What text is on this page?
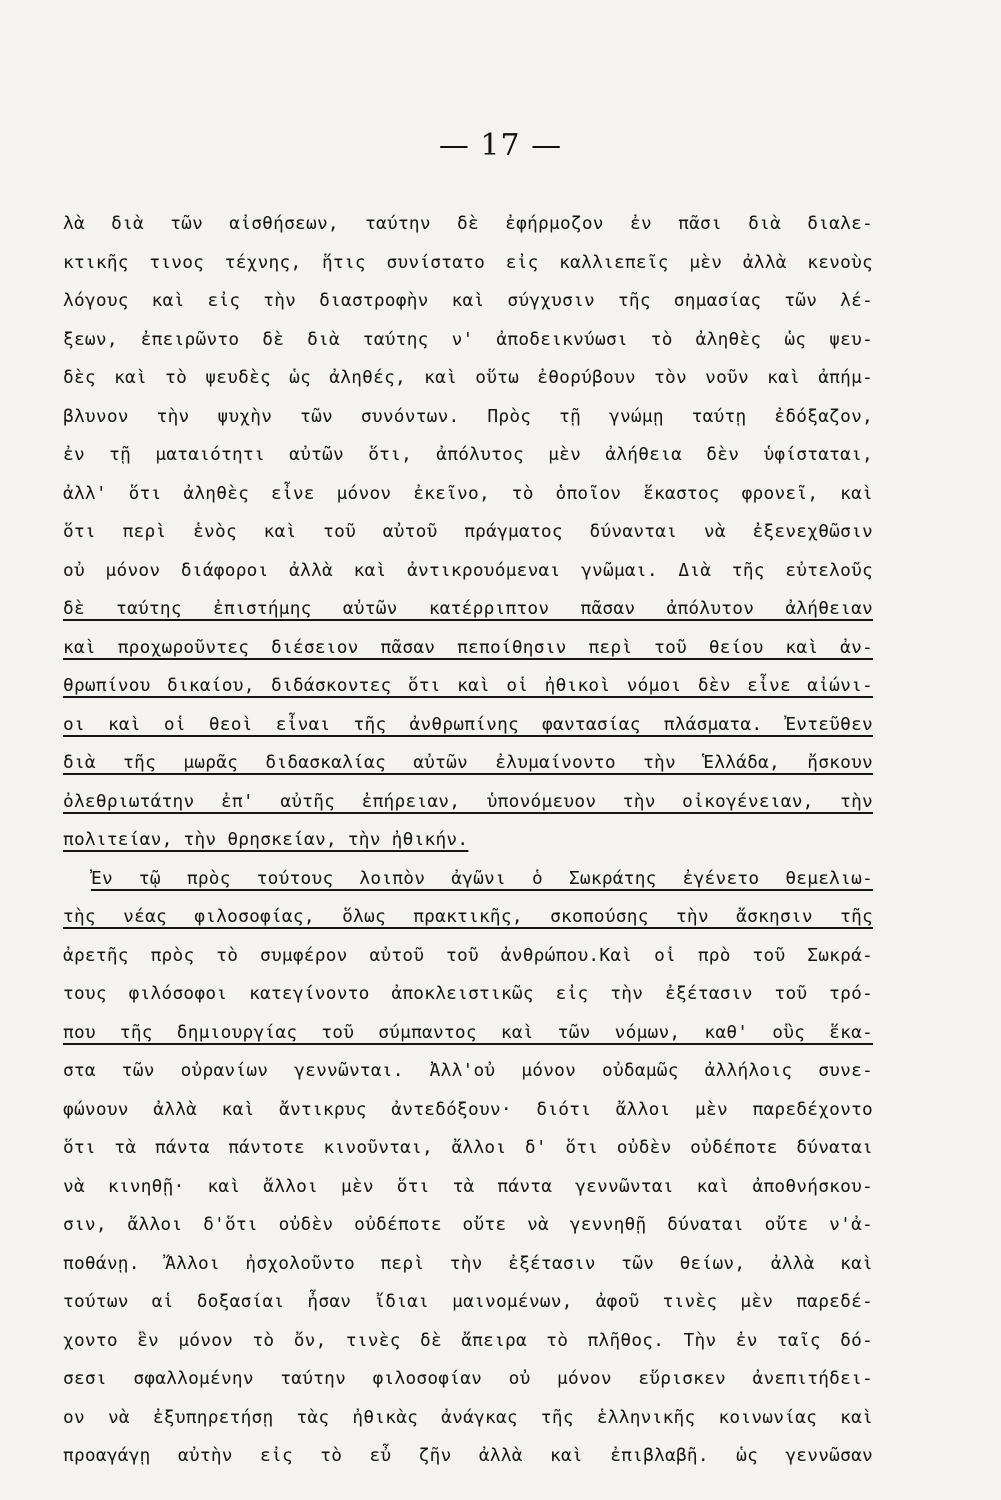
— 17 —
λὰ διὰ τῶν αἰσθήσεων, ταύτην δὲ ἐφήρμοζον ἐν πᾶσι διὰ διαλε-
κτικῆς τινος τέχνης, ἥτις συνίστατο εἰς καλλιεπεῖς μὲν ἀλλὰ κενοὺς
λόγους καὶ εἰς τὴν διαστροφὴν καὶ σύγχυσιν τῆς σημασίας τῶν λέ-
ξεων, ἐπειρῶντο δὲ διὰ ταύτης ν' ἀποδεικνύωσι τὸ ἀληθὲς ὡς ψευ-
δὲς καὶ τὸ ψευδὲς ὡς ἀληθές, καὶ οὕτω ἐθορύβουν τὸν νοῦν καὶ ἀπήμ-
βλυνον τὴν ψυχὴν τῶν συνόντων. Πρὸς τῇ γνώμῃ ταύτῃ ἐδόξαζον,
ἐν τῇ ματαιότητι αὐτῶν ὅτι, ἀπόλυτος μὲν ἀλήθεια δὲν ὑφίσταται,
ἀλλ' ὅτι ἀληθὲς εἶνε μόνον ἐκεῖνο, τὸ ὁποῖον ἕκαστος φρονεῖ, καὶ
ὅτι περὶ ἑνὸς καὶ τοῦ αὐτοῦ πράγματος δύνανται νὰ ἐξενεχθῶσιν
οὐ μόνον διάφοροι ἀλλὰ καὶ ἀντικρουόμεναι γνῶμαι. Διὰ τῆς εὐτελοῦς
δὲ ταύτης ἐπιστήμης αὐτῶν κατέρριπτον πᾶσαν ἀπόλυτον ἀλήθειαν
καὶ προχωροῦντες διέσειον πᾶσαν πεποίθησιν περὶ τοῦ θείου καὶ ἀν-
θρωπίνου δικαίου, διδάσκοντες ὅτι καὶ οἱ ἠθικοὶ νόμοι δὲν εἶνε αἰώνι-
οι καὶ οἱ θεοὶ εἶναι τῆς ἀνθρωπίνης φαντασίας πλάσματα. Ἐντεῦθεν
διὰ τῆς μωρᾶς διδασκαλίας αὐτῶν ἐλυμαίνοντο τὴν Ἑλλάδα, ἤσκουν
ὀλεθριωτάτην ἐπ' αὐτῆς ἐπήρειαν, ὑπονόμευον τὴν οἰκογένειαν, τὴν
πολιτείαν, τὴν θρησκείαν, τὴν ἠθικήν.
Ἐν τῷ πρὸς τούτους λοιπὸν ἀγῶνι ὁ Σωκράτης ἐγένετο θεμελιω-
τὴς νέας φιλοσοφίας, ὅλως πρακτικῆς, σκοπούσης τὴν ἄσκησιν τῆς
ἀρετῆς πρὸς τὸ συμφέρον αὐτοῦ τοῦ ἀνθρώπου.Καὶ οἱ πρὸ τοῦ Σωκρά-
τους φιλόσοφοι κατεγίνοντο ἀποκλειστικῶς εἰς τὴν ἐξέτασιν τοῦ τρό-
που τῆς δημιουργίας τοῦ σύμπαντος καὶ τῶν νόμων, καθ' οὓς ἕκα-
στα τῶν οὐρανίων γεννῶνται. Ἀλλ'οὐ μόνον οὐδαμῶς ἀλλήλοις συνε-
φώνουν ἀλλὰ καὶ ἄντικρυς ἀντεδόξουν· διότι ἄλλοι μὲν παρεδέχοντο
ὅτι τὰ πάντα πάντοτε κινοῦνται, ἄλλοι δ' ὅτι οὐδὲν οὐδέποτε δύναται
νὰ κινηθῇ· καὶ ἄλλοι μὲν ὅτι τὰ πάντα γεννῶνται καὶ ἀποθνήσκου-
σιν, ἄλλοι δ'ὅτι οὐδὲν οὐδέποτε οὔτε νὰ γεννηθῇ δύναται οὔτε ν'ἀ-
ποθάνῃ. Ἄλλοι ἠσχολοῦντο περὶ τὴν ἐξέτασιν τῶν θείων, ἀλλὰ καὶ
τούτων αἱ δοξασίαι ἦσαν ἴδιαι μαινομένων, ἀφοῦ τινὲς μὲν παρεδέ-
χοντο ἓν μόνον τὸ ὄν, τινὲς δὲ ἄπειρα τὸ πλῆθος. Τὴν ἐν ταῖς δό-
σεσι σφαλλομένην ταύτην φιλοσοφίαν οὐ μόνον εὕρισκεν ἀνεπιτήδει-
ον νὰ ἐξυπηρετήσῃ τὰς ἠθικὰς ἀνάγκας τῆς ἑλληνικῆς κοινωνίας καὶ
προαγάγῃ αὐτὴν εἰς τὸ εὖ ζῆν ἀλλὰ καὶ ἐπιβλαβῆ. ὡς γεννῶσαν
